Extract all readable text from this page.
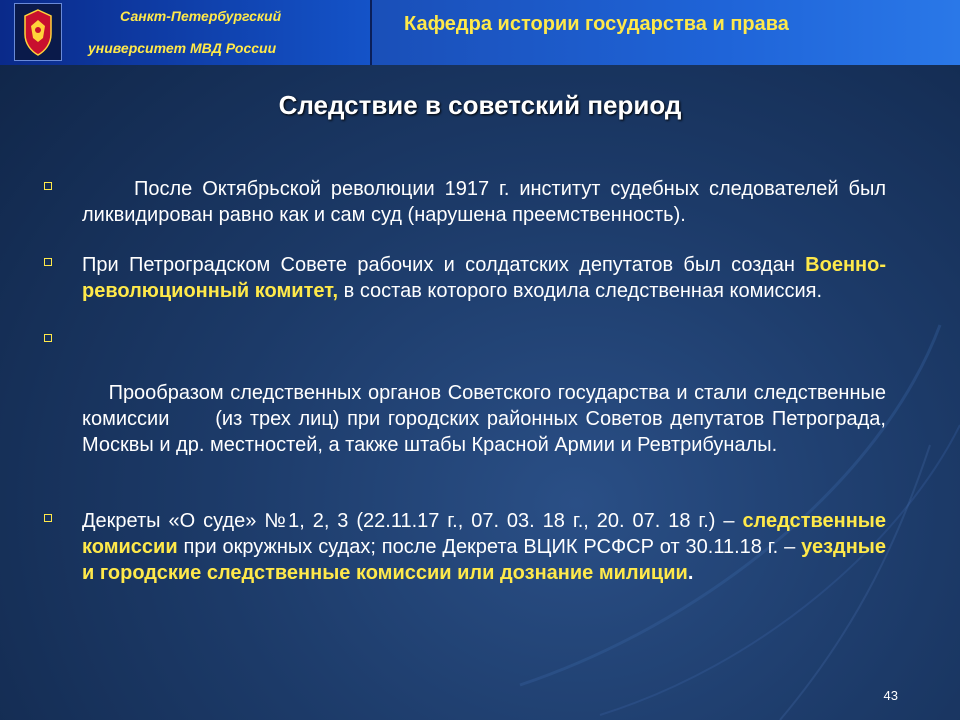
Санкт-Петербургский
университет МВД России
Кафедра истории государства и права
Следствие в советский период
После Октябрьской революции 1917 г. институт судебных следователей был ликвидирован равно как и сам суд (нарушена преемственность).
При Петроградском Совете рабочих и солдатских депутатов был создан Военно-революционный комитет, в состав которого входила следственная комиссия.

Прообразом следственных органов Советского государства и стали следственные комиссии      (из трех лиц) при городских районных Советов депутатов Петрограда, Москвы и др. местностей, а также штабы Красной Армии и Ревтрибуналы.

Декреты «О суде» №1, 2, 3 (22.11.17 г., 07. 03. 18 г., 20. 07. 18 г.) – следственные комиссии при окружных судах; после Декрета ВЦИК РСФСР от 30.11.18 г. – уездные и городские следственные комиссии или дознание милиции.
43
